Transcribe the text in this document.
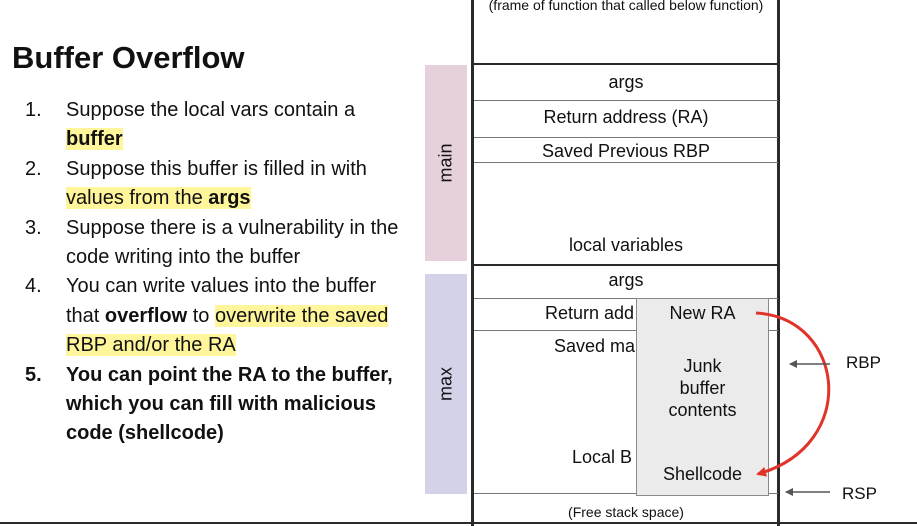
Buffer Overflow
1. Suppose the local vars contain a buffer
2. Suppose this buffer is filled in with values from the args
3. Suppose there is a vulnerability in the code writing into the buffer
4. You can write values into the buffer that overflow to overwrite the saved RBP and/or the RA
5. You can point the RA to the buffer, which you can fill with malicious code (shellcode)
main
max
(frame of function that called below function)
args
Return address (RA)
Saved Previous RBP
local variables
args
Return add
Saved ma
Local B
(Free stack space)
New RA
Junk buffer contents
Shellcode
RBP
RSP
